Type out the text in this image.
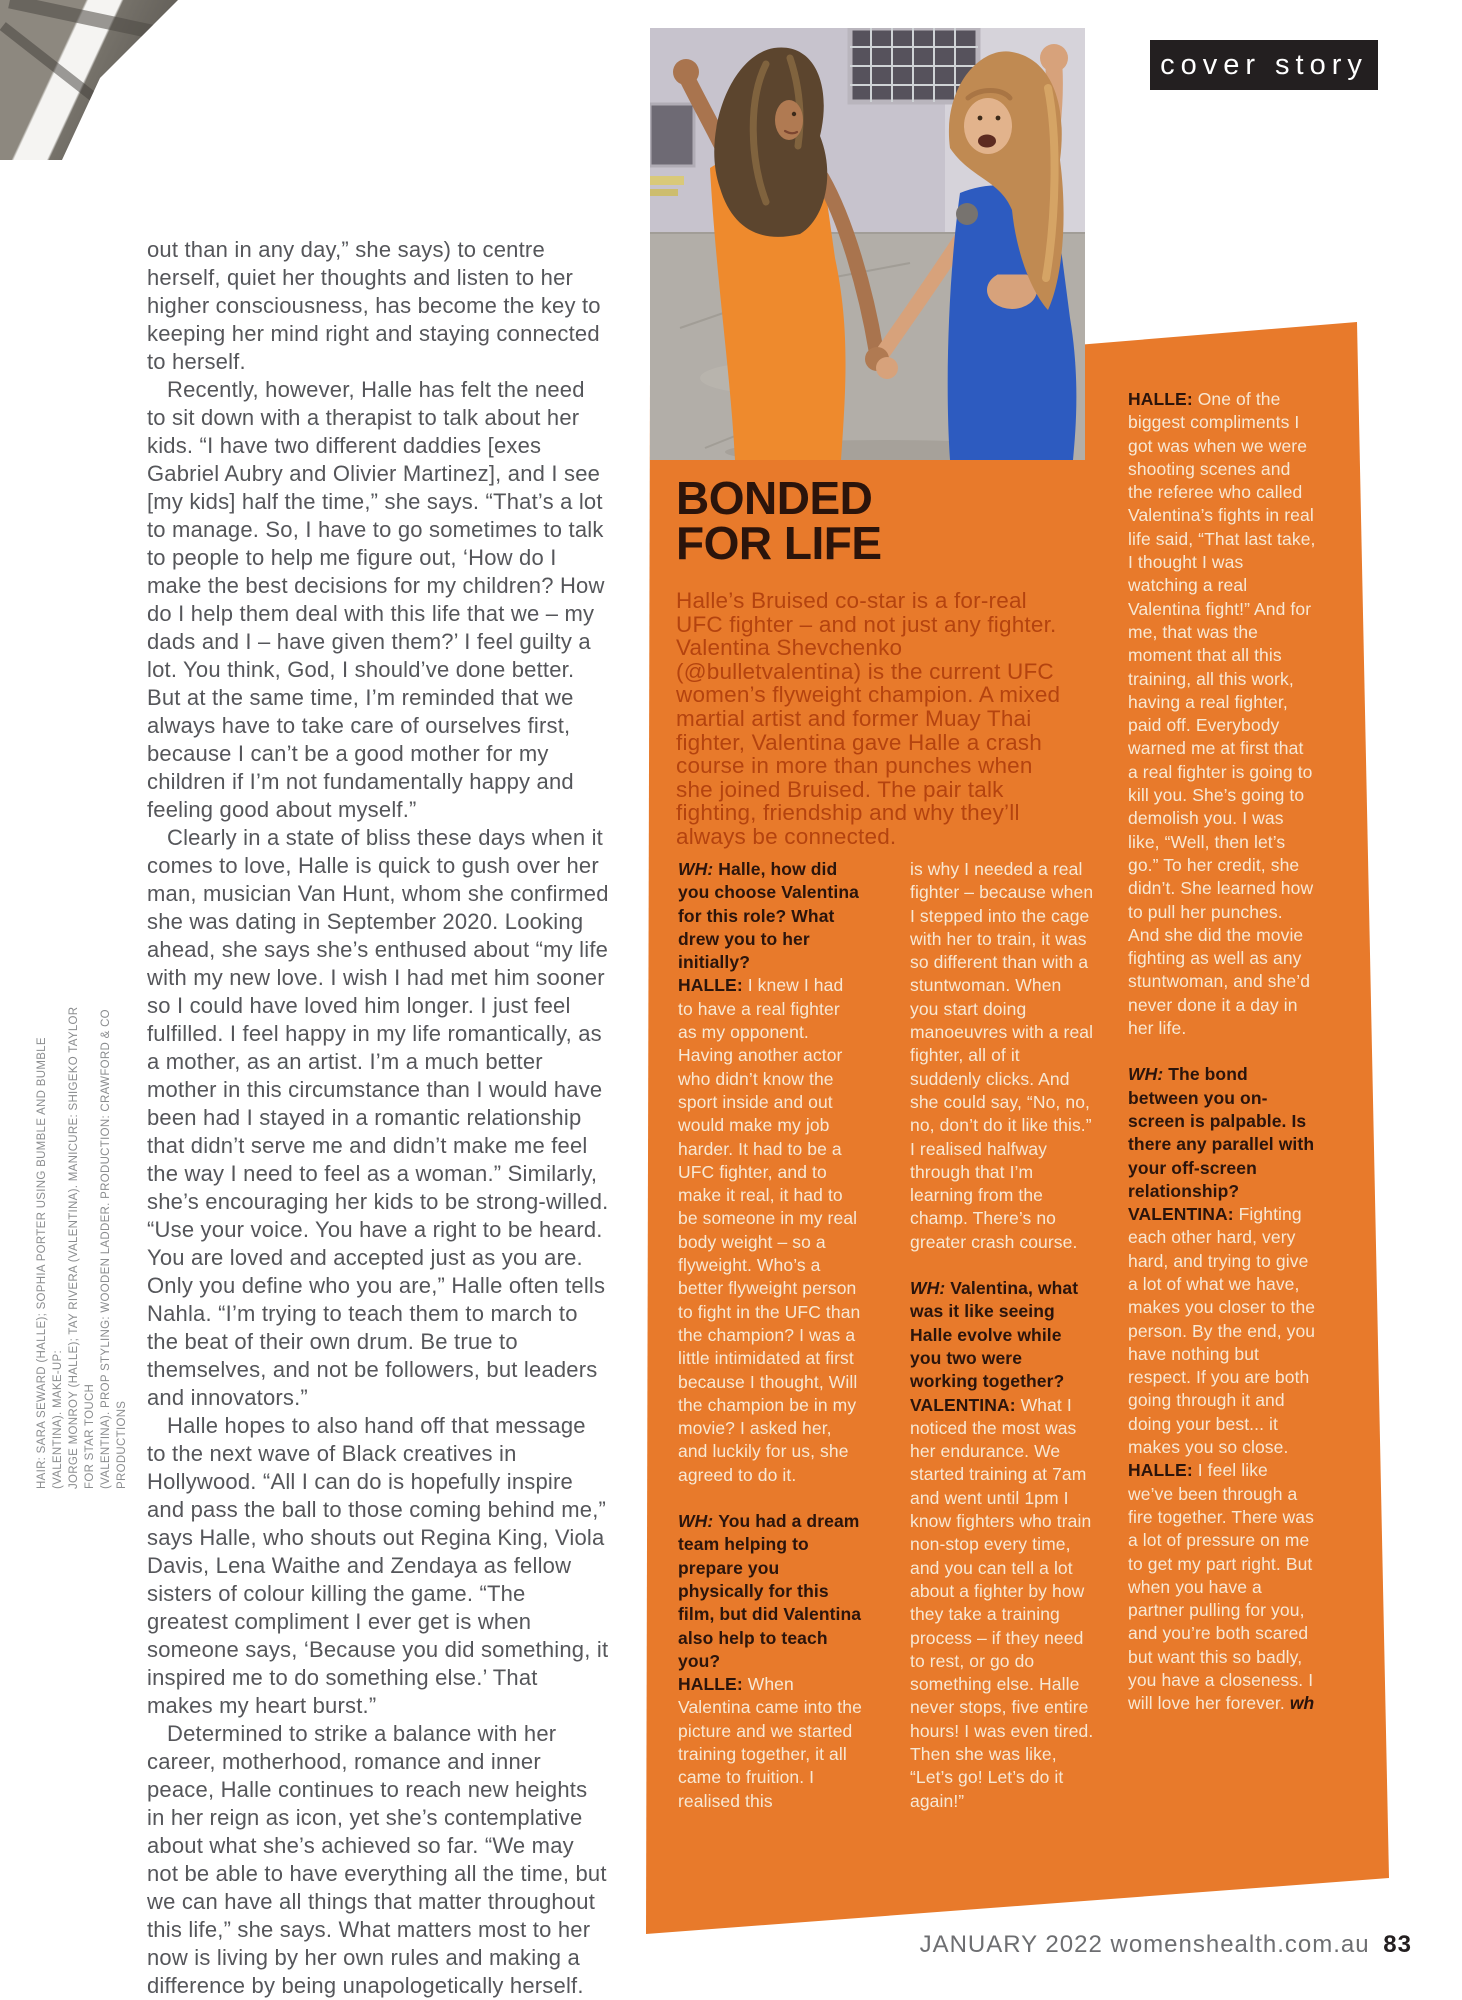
HAIR: SARA SEWARD (HALLE); SOPHIA PORTER USING BUMBLE AND BUMBLE (VALENTINA). MAKE-UP: JORGE MONROY (HALLE); TAY RIVERA (VALENTINA). MANICURE: SHIGEKO TAYLOR FOR STAR TOUCH (VALENTINA). PROP STYLING: WOODEN LADDER. PRODUCTION: CRAWFORD & CO PRODUCTIONS
cover story
BONDED
FOR LIFE
Halle’s Bruised co-star is a for-real UFC fighter – and not just any fighter. Valentina Shevchenko (@bulletvalentina) is the current UFC women’s flyweight champion. A mixed martial artist and former Muay Thai fighter, Valentina gave Halle a crash course in more than punches when she joined Bruised. The pair talk fighting, friendship and why they’ll always be connected.

WH: Halle, how did you choose Valentina for this role? What drew you to her initially?

HALLE: I knew I had to have a real fighter as my opponent. Having another actor who didn’t know the sport inside and out would make my job harder. It had to be a UFC fighter, and to make it real, it had to be someone in my real body weight – so a flyweight. Who’s a better flyweight person to fight in the UFC than the champion? I was a little intimidated at first because I thought, Will the champion be in my movie? I asked her, and luckily for us, she agreed to do it.

WH: You had a dream team helping to prepare you physically for this film, but did Valentina also help to teach you?

HALLE: When Valentina came into the picture and we started training together, it all came to fruition. I realised this

is why I needed a real fighter – because when I stepped into the cage with her to train, it was so different than with a stuntwoman. When you start doing manoeuvres with a real fighter, all of it suddenly clicks. And she could say, “No, no, no, don’t do it like this.” I realised halfway through that I’m learning from the champ. There’s no greater crash course.

WH: Valentina, what was it like seeing Halle evolve while you two were working together?

VALENTINA: What I noticed the most was her endurance. We started training at 7am and went until 1pm I know fighters who train non-stop every time, and you can tell a lot about a fighter by how they take a training process – if they need to rest, or go do something else. Halle never stops, five entire hours! I was even tired. Then she was like, “Let’s go! Let’s do it again!”

HALLE: One of the biggest compliments I got was when we were shooting scenes and the referee who called Valentina’s fights in real life said, “That last take, I thought I was watching a real Valentina fight!” And for me, that was the moment that all this training, all this work, having a real fighter, paid off. Everybody warned me at first that a real fighter is going to kill you. She’s going to demolish you. I was like, “Well, then let’s go.” To her credit, she didn’t. She learned how to pull her punches. And she did the movie fighting as well as any stuntwoman, and she’d never done it a day in her life.

WH: The bond between you on-screen is palpable. Is there any parallel with your off-screen relationship?

VALENTINA: Fighting each other hard, very hard, and trying to give a lot of what we have, makes you closer to the person. By the end, you have nothing but respect. If you are both going through it and doing your best... it makes you so close.

HALLE: I feel like we’ve been through a fire together. There was a lot of pressure on me to get my part right. But when you have a partner pulling for you, and you’re both scared but want this so badly, you have a closeness. I will love her forever. wh

out than in any day,” she says) to centre herself, quiet her thoughts and listen to her higher consciousness, has become the key to keeping her mind right and staying connected to herself.

Recently, however, Halle has felt the need to sit down with a therapist to talk about her kids. “I have two different daddies [exes Gabriel Aubry and Olivier Martinez], and I see [my kids] half the time,” she says. “That’s a lot to manage. So, I have to go sometimes to talk to people to help me figure out, ‘How do I make the best decisions for my children? How do I help them deal with this life that we – my dads and I – have given them?’ I feel guilty a lot. You think, God, I should’ve done better. But at the same time, I’m reminded that we always have to take care of ourselves first, because I can’t be a good mother for my children if I’m not fundamentally happy and feeling good about myself.”

Clearly in a state of bliss these days when it comes to love, Halle is quick to gush over her man, musician Van Hunt, whom she confirmed she was dating in September 2020. Looking ahead, she says she’s enthused about “my life with my new love. I wish I had met him sooner so I could have loved him longer. I just feel fulfilled. I feel happy in my life romantically, as a mother, as an artist. I’m a much better mother in this circumstance than I would have been had I stayed in a romantic relationship that didn’t serve me and didn’t make me feel the way I need to feel as a woman.” Similarly, she’s encouraging her kids to be strong-willed. “Use your voice. You have a right to be heard. You are loved and accepted just as you are. Only you define who you are,” Halle often tells Nahla. “I’m trying to teach them to march to the beat of their own drum. Be true to themselves, and not be followers, but leaders and innovators.”

Halle hopes to also hand off that message to the next wave of Black creatives in Hollywood. “All I can do is hopefully inspire and pass the ball to those coming behind me,” says Halle, who shouts out Regina King, Viola Davis, Lena Waithe and Zendaya as fellow sisters of colour killing the game. “The greatest compliment I ever get is when someone says, ‘Because you did something, it inspired me to do something else.’ That makes my heart burst.”

Determined to strike a balance with her career, motherhood, romance and inner peace, Halle continues to reach new heights in her reign as icon, yet she’s contemplative about what she’s achieved so far. “We may not be able to have everything all the time, but we can have all things that matter throughout this life,” she says. What matters most to her now is living by her own rules and making a difference by being unapologetically herself.

JANUARY 2022 womenshealth.com.au 83
